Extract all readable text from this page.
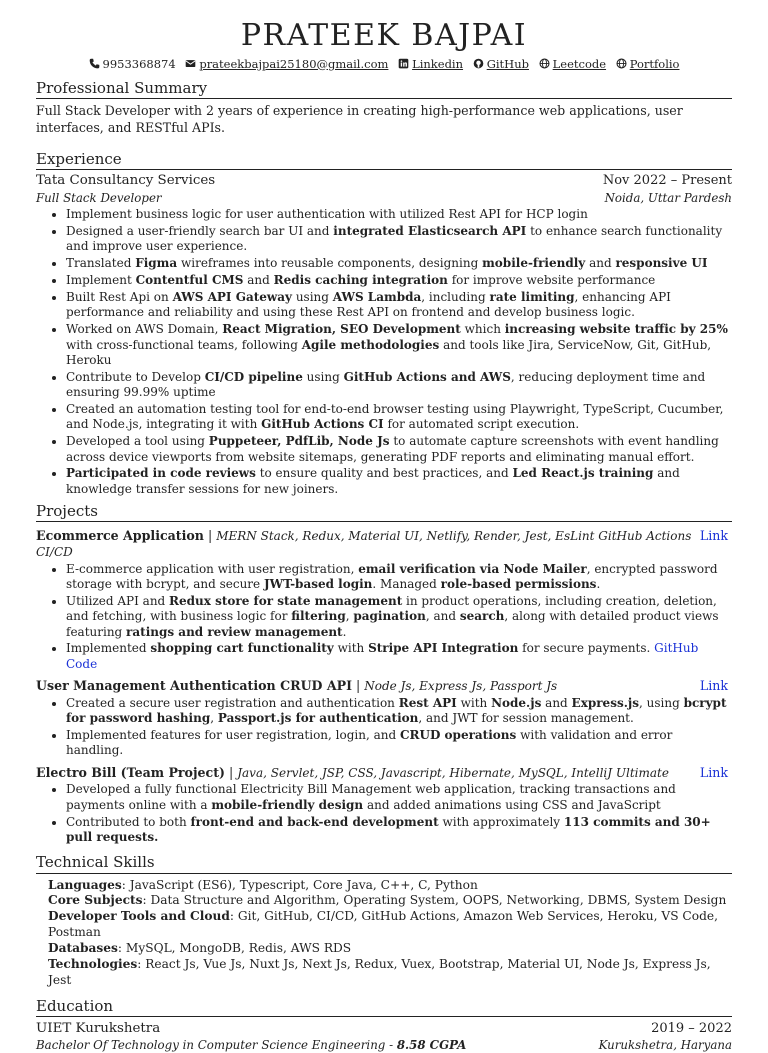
PRATEEK BAJPAI
9953368874 prateekbajpai25180@gmail.com Linkedin GitHub Leetcode Portfolio
Professional Summary

Full Stack Developer with 2 years of experience in creating high-performance web applications, user interfaces, and RESTful APIs.

Experience
Tata Consultancy Services	Nov 2022 – Present
Full Stack Developer	Noida, Uttar Pardesh
• Implement business logic for user authentication with utilized Rest API for HCP login
• Designed a user-friendly search bar UI and integrated Elasticsearch API to enhance search functionality and improve user experience.
• Translated Figma wireframes into reusable components, designing mobile-friendly and responsive UI
• Implement Contentful CMS and Redis caching integration for improve website performance
• Built Rest Api on AWS API Gateway using AWS Lambda, including rate limiting, enhancing API performance and reliability and using these Rest API on frontend and develop business logic.
• Worked on AWS Domain, React Migration, SEO Development which increasing website traffic by 25% with cross-functional teams, following Agile methodologies and tools like Jira, ServiceNow, Git, GitHub, Heroku
• Contribute to Develop CI/CD pipeline using GitHub Actions and AWS, reducing deployment time and ensuring 99.99% uptime
• Created an automation testing tool for end-to-end browser testing using Playwright, TypeScript, Cucumber, and Node.js, integrating it with GitHub Actions CI for automated script execution.
• Developed a tool using Puppeteer, PdfLib, Node Js to automate capture screenshots with event handling across device viewports from website sitemaps, generating PDF reports and eliminating manual effort.
• Participated in code reviews to ensure quality and best practices, and Led React.js training and knowledge transfer sessions for new joiners.
Projects
Ecommerce Application | MERN Stack, Redux, Material UI, Netlify, Render, Jest, EsLint GitHub Actions CI/CD
Link
• E-commerce application with user registration, email verification via Node Mailer, encrypted password storage with bcrypt, and secure JWT-based login. Managed role-based permissions.
• Utilized API and Redux store for state management in product operations, including creation, deletion, and fetching, with business logic for filtering, pagination, and search, along with detailed product views featuring ratings and review management.
• Implemented shopping cart functionality with Stripe API Integration for secure payments. GitHub Code
User Management Authentication CRUD API | Node Js, Express Js, Passport Js	Link
• Created a secure user registration and authentication Rest API with Node.js and Express.js, using bcrypt for password hashing, Passport.js for authentication, and JWT for session management.
• Implemented features for user registration, login, and CRUD operations with validation and error handling.
Electro Bill (Team Project) | Java, Servlet, JSP, CSS, Javascript, Hibernate, MySQL, IntelliJ Ultimate Link
• Developed a fully functional Electricity Bill Management web application, tracking transactions and payments online with a mobile-friendly design and added animations using CSS and JavaScript
• Contributed to both front-end and back-end development with approximately 113 commits and 30+ pull requests.
Technical Skills
Languages: JavaScript (ES6), Typescript, Core Java, C++, C, Python
Core Subjects: Data Structure and Algorithm, Operating System, OOPS, Networking, DBMS, System Design
Developer Tools and Cloud: Git, GitHub, CI/CD, GitHub Actions, Amazon Web Services, Heroku, VS Code, Postman
Databases: MySQL, MongoDB, Redis, AWS RDS
Technologies: React Js, Vue Js, Nuxt Js, Next Js, Redux, Vuex, Bootstrap, Material UI, Node Js, Express Js, Jest
Education
UIET Kurukshetra	2019 – 2022
Bachelor Of Technology in Computer Science Engineering - 8.58 CGPA	Kurukshetra, Haryana
